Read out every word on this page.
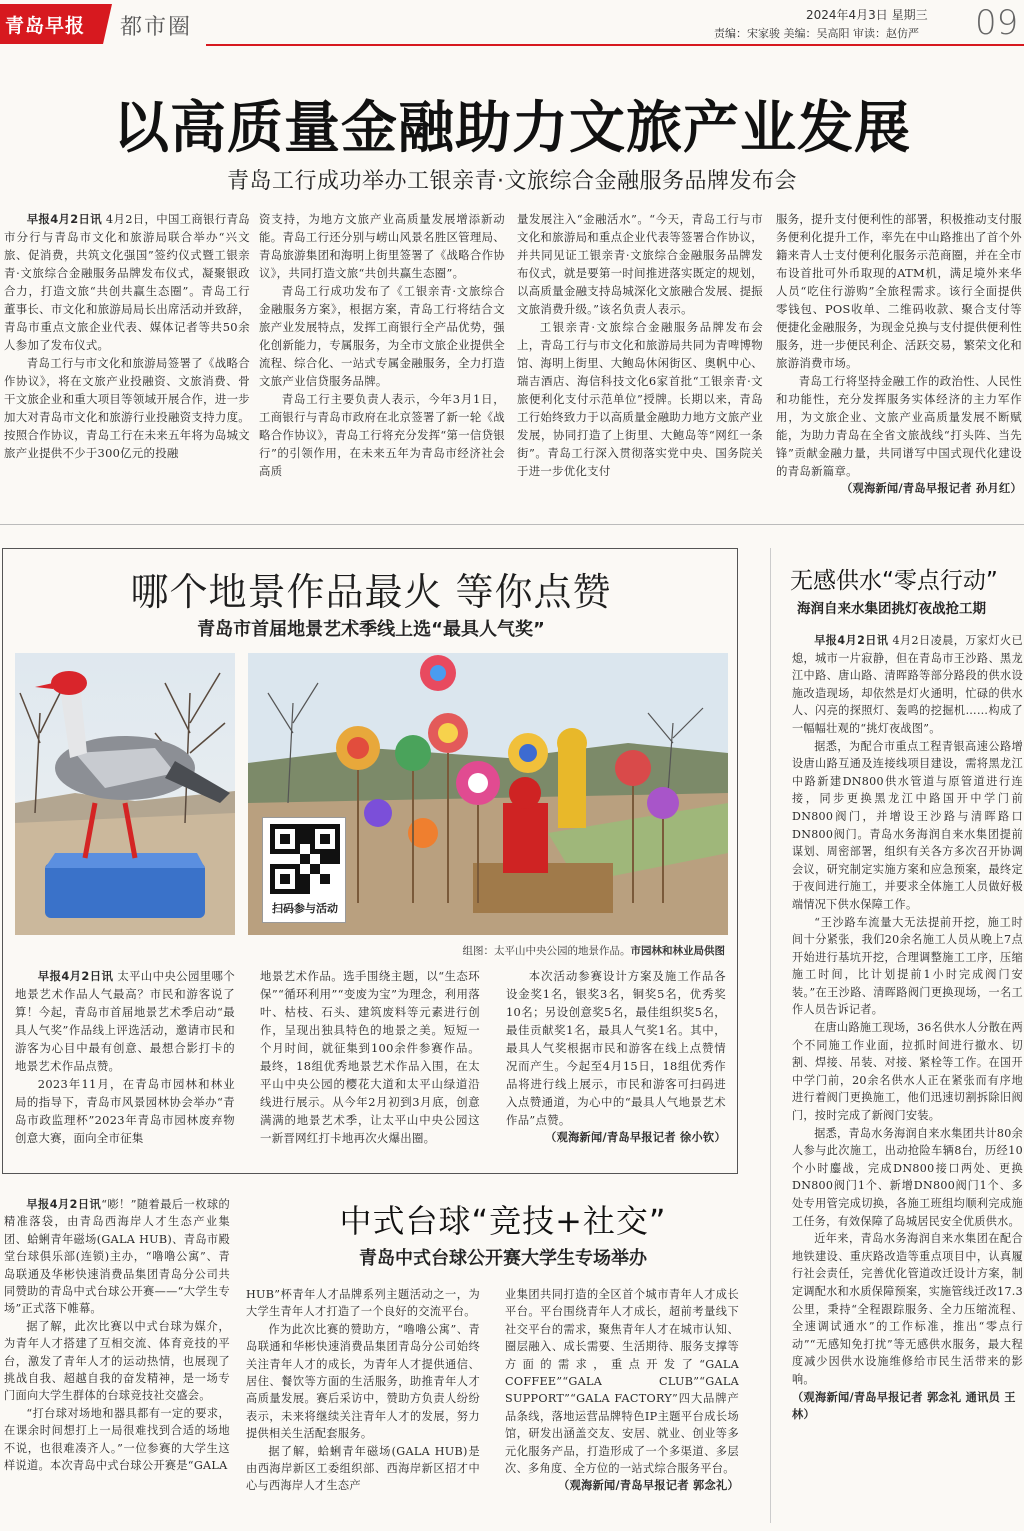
青岛早报 都市圈	2024年4月3日 星期三
责编：宋家骏 美编：吴高阳 审读：赵仿严 09
以高质量金融助力文旅产业发展
青岛工行成功举办工银亲青·文旅综合金融服务品牌发布会

早报4月2日讯 4月2日，中国工商银行青岛市分行与青岛市文化和旅游局联合举办“兴文旅、促消费，共筑文化强国”签约仪式暨工银亲青·文旅综合金融服务品牌发布仪式，凝聚银政合力，打造文旅“共创共赢生态圈”。青岛工行董事长、市文化和旅游局局长出席活动并致辞，青岛市重点文旅企业代表、媒体记者等共50余人参加了发布仪式。

青岛工行与市文化和旅游局签署了《战略合作协议》，将在文旅产业投融资、文旅消费、骨干文旅企业和重大项目等领域开展合作，进一步加大对青岛市文化和旅游行业投融资支持力度。按照合作协议，青岛工行在未来五年将为岛城文旅产业提供不少于300亿元的投融

资支持，为地方文旅产业高质量发展增添新动能。青岛工行还分别与崂山风景名胜区管理局、青岛旅游集团和海明上街里签署了《战略合作协议》，共同打造文旅“共创共赢生态圈”。

青岛工行成功发布了《工银亲青·文旅综合金融服务方案》，根据方案，青岛工行将结合文旅产业发展特点，发挥工商银行全产品优势，强化创新能力，专属服务，为全市文旅企业提供全流程、综合化、一站式专属金融服务，全力打造文旅产业信贷服务品牌。

青岛工行主要负责人表示，今年3月1日，工商银行与青岛市政府在北京签署了新一轮《战略合作协议》，青岛工行将充分发挥“第一信贷银行”的引领作用，在未来五年为青岛市经济社会高质

量发展注入“金融活水”。“今天，青岛工行与市文化和旅游局和重点企业代表等签署合作协议，并共同见证工银亲青·文旅综合金融服务品牌发布仪式，就是要第一时间推进落实既定的规划，以高质量金融支持岛城深化文旅融合发展、提振文旅消费升级。”该名负责人表示。

工银亲青·文旅综合金融服务品牌发布会上，青岛工行与市文化和旅游局共同为青啤博物馆、海明上街里、大鲍岛休闲街区、奥帆中心、瑞吉酒店、海信科技文化6家首批“工银亲青·文旅便利化支付示范单位”授牌。长期以来，青岛工行始终致力于以高质量金融助力地方文旅产业发展，协同打造了上街里、大鲍岛等“网红一条街”。青岛工行深入贯彻落实党中央、国务院关于进一步优化支付

服务，提升支付便利性的部署，积极推动支付服务便利化提升工作，率先在中山路推出了首个外籍来青人士支付便利化服务示范商圈，并在全市布设首批可外币取现的ATM机，满足境外来华人员“吃住行游购”全旅程需求。该行全面提供零钱包、POS收单、二维码收款、聚合支付等便捷化金融服务，为现金兑换与支付提供便利性服务，进一步便民利企、活跃交易，繁荣文化和旅游消费市场。

青岛工行将坚持金融工作的政治性、人民性和功能性，充分发挥服务实体经济的主力军作用，为文旅企业、文旅产业高质量发展不断赋能，为助力青岛在全省文旅战线“打头阵、当先锋”贡献金融力量，共同谱写中国式现代化建设的青岛新篇章。

（观海新闻/青岛早报记者 孙月红）
哪个地景作品最火 等你点赞
青岛市首届地景艺术季线上选“最具人气奖”
扫码参与活动
组图：太平山中央公园的地景作品。市园林和林业局供图

早报4月2日讯 太平山中央公园里哪个地景艺术作品人气最高？市民和游客说了算！今起，青岛市首届地景艺术季启动“最具人气奖”作品线上评选活动，邀请市民和游客为心目中最有创意、最想合影打卡的地景艺术作品点赞。

2023年11月，在青岛市园林和林业局的指导下，青岛市风景园林协会举办“青岛市政监理杯”2023年青岛市园林废弃物创意大赛，面向全市征集

地景艺术作品。选手围绕主题，以“生态环保”“循环利用”“变废为宝”为理念，利用落叶、枯枝、石头、建筑废料等元素进行创作，呈现出独具特色的地景之美。短短一个月时间，就征集到100余件参赛作品。最终，18组优秀地景艺术作品入围，在太平山中央公园的樱花大道和太平山绿道沿线进行展示。从今年2月初到3月底，创意满满的地景艺术季，让太平山中央公园这一新晋网红打卡地再次火爆出圈。

本次活动参赛设计方案及施工作品各设金奖1名，银奖3名，铜奖5名，优秀奖10名；另设创意奖5名，最佳组织奖5名，最佳贡献奖1名，最具人气奖1名。其中，最具人气奖根据市民和游客在线上点赞情况而产生。今起至4月15日，18组优秀作品将进行线上展示，市民和游客可扫码进入点赞通道，为心中的“最具人气地景艺术作品”点赞。

（观海新闻/青岛早报记者 徐小钦）
无感供水“零点行动”
海润自来水集团挑灯夜战抢工期

早报4月2日讯 4月2日凌晨，万家灯火已熄，城市一片寂静，但在青岛市王沙路、黑龙江中路、唐山路、清晖路等部分路段的供水设施改造现场，却依然是灯火通明，忙碌的供水人、闪亮的探照灯、轰鸣的挖掘机……构成了一幅幅壮观的“挑灯夜战图”。

据悉，为配合市重点工程青银高速公路增设唐山路互通及连接线项目建设，需将黑龙江中路新建DN800供水管道与原管道进行连接，同步更换黑龙江中路国开中学门前DN800阀门，并增设王沙路与清晖路口DN800阀门。青岛水务海润自来水集团提前谋划、周密部署，组织有关各方多次召开协调会议，研究制定实施方案和应急预案，最终定于夜间进行施工，并要求全体施工人员做好极端情况下供水保障工作。

“王沙路车流量大无法提前开挖，施工时间十分紧张，我们20余名施工人员从晚上7点开始进行基坑开挖，合理调整施工工序，压缩施工时间，比计划提前1小时完成阀门安装。”在王沙路、清晖路阀门更换现场，一名工作人员告诉记者。

在唐山路施工现场，36名供水人分散在两个不同施工作业面，拉抓时间进行撤水、切割、焊接、吊装、对接、紧栓等工作。在国开中学门前，20余名供水人正在紧张而有序地进行着阀门更换施工，他们迅速切割拆除旧阀门，按时完成了新阀门安装。

据悉，青岛水务海润自来水集团共计80余人参与此次施工，出动抢险车辆8台，历经10个小时鏖战，完成DN800接口两处、更换DN800阀门1个、新增DN800阀门1个、多处专用管完成切换，各施工班组均顺利完成施工任务，有效保障了岛城居民安全优质供水。

近年来，青岛水务海润自来水集团在配合地铁建设、重庆路改造等重点项目中，认真履行社会责任，完善优化管道改迁设计方案，制定调配水和水质保障预案，实施管线迁改17.3公里，秉持“全程跟踪服务、全力压缩流程、全速调试通水”的工作标准，推出“零点行动”“无感知免打扰”等无感供水服务，最大程度减少因供水设施维修给市民生活带来的影响。

（观海新闻/青岛早报记者 郭念礼 通讯员 王林）
中式台球“竞技+社交”
青岛中式台球公开赛大学生专场举办

早报4月2日讯“嘭！”随着最后一枚球的精准落袋，由青岛西海岸人才生态产业集团、蛤蜊青年磁场(GALA HUB)、青岛市殿堂台球俱乐部(连锁)主办，“噜噜公寓”、青岛联通及华彬快速消费品集团青岛分公司共同赞助的青岛中式台球公开赛——“大学生专场”正式落下帷幕。

据了解，此次比赛以中式台球为媒介，为青年人才搭建了互相交流、体育竞技的平台，激发了青年人才的运动热情，也展现了挑战自我、超越自我的奋发精神，是一场专门面向大学生群体的台球竞技社交盛会。

“打台球对场地和器具都有一定的要求，在课余时间想打上一局很难找到合适的场地不说，也很难凑齐人。”一位参赛的大学生这样说道。本次青岛中式台球公开赛是“GALA

HUB”杯青年人才品牌系列主题活动之一，为大学生青年人才打造了一个良好的交流平台。

作为此次比赛的赞助方，“噜噜公寓”、青岛联通和华彬快速消费品集团青岛分公司始终关注青年人才的成长，为青年人才提供通信、居住、餐饮等方面的生活服务，助推青年人才高质量发展。赛后采访中，赞助方负责人纷纷表示，未来将继续关注青年人才的发展，努力提供相关生活配套服务。

据了解，蛤蜊青年磁场(GALA HUB)是由西海岸新区工委组织部、西海岸新区招才中心与西海岸人才生态产

业集团共同打造的全区首个城市青年人才成长平台。平台围绕青年人才成长，超前考量线下社交平台的需求，聚焦青年人才在城市认知、圈层融入、成长需要、生活期待、服务支撑等方面的需求，重点开发了“GALA COFFEE”“GALA CLUB”“GALA SUPPORT”“GALA FACTORY”四大品牌产品条线，落地运营品牌特色IP主题平台成长场馆，研发出涵盖交友、安居、就业、创业等多元化服务产品，打造形成了一个多渠道、多层次、多角度、全方位的一站式综合服务平台。

（观海新闻/青岛早报记者 郭念礼）
